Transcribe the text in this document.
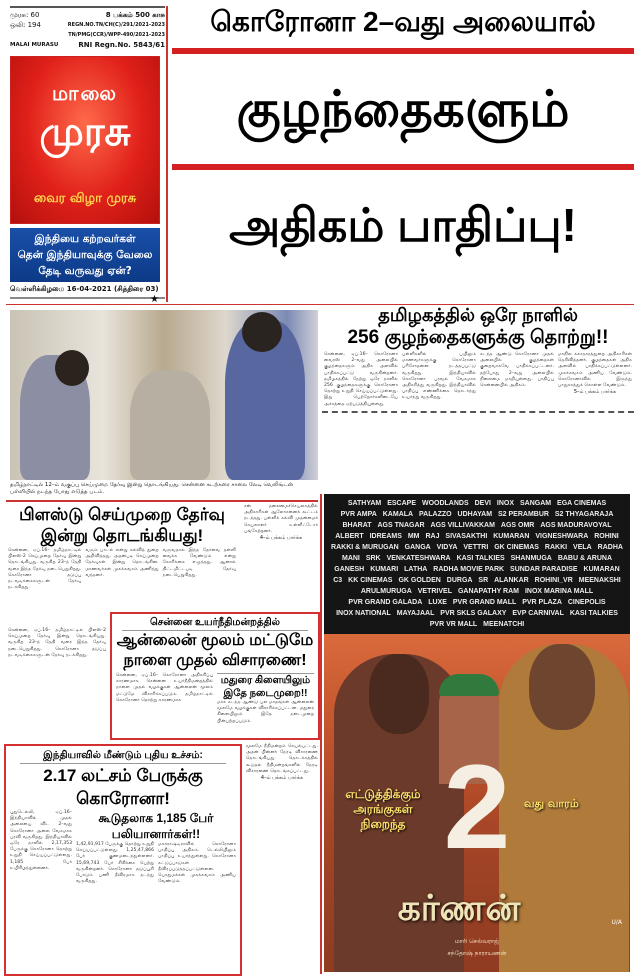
முரசு: 60	8 பக்கம் 500 காசு
ஒலி: 194	REGN.NO.TN/CH(C)/291/2021-2023
TN/PMG(CCR)/WPP-490/2021-2023
MALAI MURASU	RNI Regn.No. 5843/61
மாலை
முரசு
வைர விழா முரசு
இந்தியை கற்றவர்கள்
தென் இந்தியாவுக்கு வேலை
தேடி வருவது ஏன்?
வெள்ளிக்கிழமை 16-04-2021 (சித்திரை 03)
★
கொரோனா 2–வது அலையால்
குழந்தைகளும்
அதிகம் பாதிப்பு!
தமிழ்நாட்டில் 12–ம் வகுப்பு செய்முறை தேர்வு இன்று தொடங்கியது. சென்னை கடற்கரை சாலை லேடி வெலிங்டன் பள்ளியில் நடந்த போது எடுத்த படம்.
தமிழகத்தில் ஒரே நாளில்
256 குழந்தைகளுக்கு தொற்று!!
சென்னை, ஏப்.16– கொரோனா வைரஸ் 2–வது அலையில் குழந்தைகளும் அதிக அளவில் பாதிக்கப்பட்டு வருகின்றனர். தமிழகத்தில் நேற்று ஒரே நாளில் 256 குழந்தைகளுக்கு கொரோனா தொற்று உறுதி செய்யப்பட்டுள்ளது. இது பெற்றோர்களிடையே அச்சத்தை ஏற்படுத்தியுள்ளது.
பள்ளிகளில் பயிலும் மாணவர்களுக்கு கொரோனா பரிசோதனை நடத்தப்பட்டு வருகிறது. இந்தியாவில் கொரோனா பரவல் வேகமாக அதிகரித்து வருகிறது. இந்தியாவில் பாதிப்பு எண்ணிக்கை தொடர்ந்து உயர்ந்து வருகிறது.
கடந்த ஆண்டு கொரோனா முதல் அலையில் குழந்தைகள் குறைவாகவே பாதிக்கப்பட்டனர். தற்போது 2–வது அலையில் நிலைமை மாறியுள்ளது. பாதிப்பு சென்னையில் அதிகம்.
மாநில சுகாதாரத்துறை அதிகாரிகள் தெரிவித்தனர். குழந்தைகள் அதிக அளவில் பாதிக்கப்பட்டுள்ளனர். முகக்கவசம் அணிய வேண்டும். கொரோனாவில் இருந்து பாதுகாத்துக் கொள்ள வேண்டும்.
5–ம் பக்கம் பார்க்க
பிளஸ்டு செய்முறை தேர்வு
இன்று தொடங்கியது!
சென்னை, ஏப்.16– தமிழ்நாட்டில் பிளஸ்-2 செய்முறை தேர்வு இன்று தொடங்கியது. வருகிற 23–ந் தேதி வரை இந்த தேர்வு நடைபெறுகிறது. கொரோனா தடுப்பு நடவடிக்கைகளுடன் தேர்வு நடக்கிறது.
வரும் பாடல் என்று கல்வித் துறை அறிவித்தது. அதன்படி செய்முறை தேர்வுகள் இன்று தொடங்கின. மாணவர்கள் முகக்கவசம் அணிந்து வந்தனர்.
வருவதால் இந்த தேர்வை தள்ளி வைக்க வேண்டும் என்று கோரிக்கை எழுந்தது. ஆனால் திட்டமிட்டபடி தேர்வு நடைபெறுகிறது.
சன் தலைமைச்செயலகத்தில் அதிகாரிகள் ஆலோசனைக் கூட்டம் நடந்தது. பள்ளிக் கல்வி முதன்மைச் செயலாளர் உள்ளிட்டோர் பங்கேற்றனர்.
4–ம் பக்கம் பார்க்க
சென்னை, ஏப்.16– தமிழ்நாட்டில் பிளஸ்-2 செய்முறை தேர்வு இன்று தொடங்கியது. வருகிற 23–ந் தேதி வரை இந்த தேர்வு நடைபெறுகிறது. கொரோனா தடுப்பு நடவடிக்கைகளுடன் தேர்வு நடக்கிறது.
சென்னை உயர்நீதிமன்றத்தில்
ஆன்லைன் மூலம் மட்டுமே
நாளை முதல் விசாரணை!
சென்னை, ஏப்.16– கொரோனா அதிகரிப்பு காரணமாக சென்னை உயர்நீதிமன்றத்தில் நாளை முதல் வழக்குகள் ஆன்லைன் மூலம் மட்டுமே விசாரிக்கப்படும். தமிழ்நாட்டில் கொரோனா தொற்று காரணமாக
மதுரை கிளையிலும்
இதே நடைமுறை!!
மாக கடந்த ஆண்டு பல மாதங்கள் ஆன்லைன் மூலமே வழக்குகள் விசாரிக்கப்பட்டன. மதுரை கிளையிலும் இதே நடைமுறை பின்பற்றப்படும்.
இந்தியாவில் மீண்டும் புதிய உச்சம்:
2.17 லட்சம் பேருக்கு கொரோனா!
புதுடெல்லி, ஏப்.16– இந்தியாவில் முதல் அலையை விட 2–வது கொரோனா அலை வேகமாக பரவி வருகிறது. இந்தியாவில் ஒரே நாளில் 2,17,353 பேருக்கு கொரோனா தொற்று உறுதி செய்யப்பட்டுள்ளது. 1,185 பேர் உயிரிழந்துள்ளனர்.
கூடுதலாக 1,185 பேர்
பலியானார்கள்!!
1,42,91,917 பேருக்கு தொற்று உறுதி செய்யப்பட்டுள்ளது. 1,25,47,866 பேர் குணமடைந்துள்ளனர். 15,69,743 பேர் சிகிச்சை பெற்று வருகின்றனர். கொரோனா தடுப்பூசி போடும் பணி தீவிரமாக நடந்து வருகிறது.
மகாராஷ்டிராவில் கொரோனா பாதிப்பு அதிகம். டெல்லியிலும் பாதிப்பு உயர்ந்துள்ளது. கொரோனா கட்டுப்பாடுகள் தீவிரப்படுத்தப்பட்டுள்ளன. பொதுமக்கள் முகக்கவசம் அணிய வேண்டும்.
மூலமே நீதிமன்றம் செயல்பட்டது. அதன் பின்னர் நேரடி விசாரணை தொடங்கியது. தொடக்கத்தில் கூடுதல் நீதிமன்றங்களில் நேரடி விசாரணை தொடங்கப்பட்டது.
4–ம் பக்கம் பார்க்க
SATHYAM ESCAPE WOODLANDS DEVI INOX SANGAM EGA CINEMAS PVR AMPA KAMALA PALAZZO UDHAYAM S2 PERAMBUR S2 THYAGARAJA BHARAT AGS TNAGAR AGS VILLIVAKKAM AGS OMR AGS MADURAVOYAL ALBERT IDREAMS MM RAJ SIVASAKTHI KUMARAN VIGNESHWARA ROHINI RAKKI & MURUGAN GANGA VIDYA VETTRI GK CINEMAS RAKKI VELA RADHA MANI SRK VENKATESHWARA KASI TALKIES SHANMUGA BABU & ARUNA GANESH KUMARI LATHA RADHA MOVIE PARK SUNDAR PARADISE KUMARAN C3 KK CINEMAS GK GOLDEN DURGA SR ALANKAR ROHINI_VR MEENAKSHI ARULMURUGA VETRIVEL GANAPATHY RAM INOX MARINA MALL PVR GRAND GALADA LUXE PVR GRAND MALL PVR PLAZA CINEPOLIS INOX NATIONAL MAYAJAAL PVR SKLS GALAXY EVP CARNIVAL KASI TALKIES PVR VR MALL MEENATCHI
2
எட்டுத்திக்கும்
அரங்குகள்
நிறைந்த
வது வாரம்
கர்ணன்	U/A
மாரி செல்வராஜ்
சந்தோஷ் நாராயணன்
